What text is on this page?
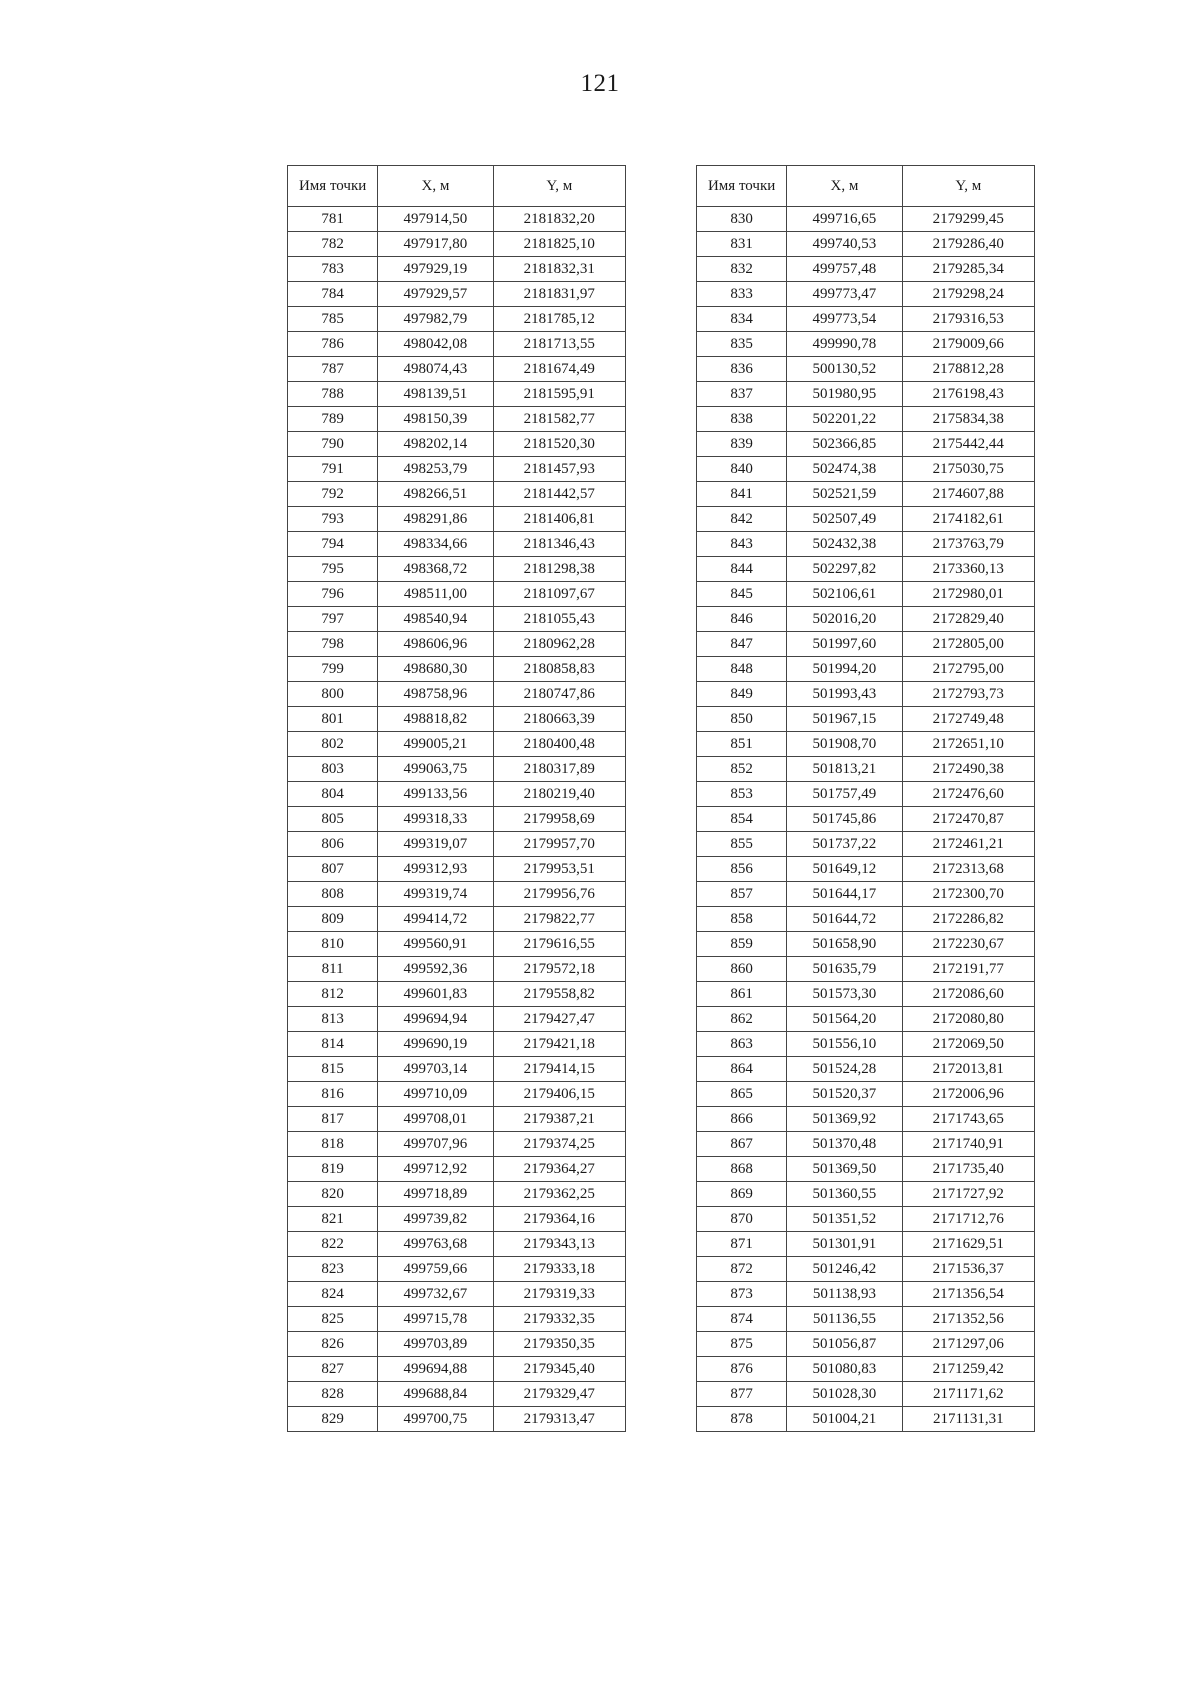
121
Имя точки	X, м	Y, м
781	497914,50	2181832,20
782	497917,80	2181825,10
783	497929,19	2181832,31
784	497929,57	2181831,97
785	497982,79	2181785,12
786	498042,08	2181713,55
787	498074,43	2181674,49
788	498139,51	2181595,91
789	498150,39	2181582,77
790	498202,14	2181520,30
791	498253,79	2181457,93
792	498266,51	2181442,57
793	498291,86	2181406,81
794	498334,66	2181346,43
795	498368,72	2181298,38
796	498511,00	2181097,67
797	498540,94	2181055,43
798	498606,96	2180962,28
799	498680,30	2180858,83
800	498758,96	2180747,86
801	498818,82	2180663,39
802	499005,21	2180400,48
803	499063,75	2180317,89
804	499133,56	2180219,40
805	499318,33	2179958,69
806	499319,07	2179957,70
807	499312,93	2179953,51
808	499319,74	2179956,76
809	499414,72	2179822,77
810	499560,91	2179616,55
811	499592,36	2179572,18
812	499601,83	2179558,82
813	499694,94	2179427,47
814	499690,19	2179421,18
815	499703,14	2179414,15
816	499710,09	2179406,15
817	499708,01	2179387,21
818	499707,96	2179374,25
819	499712,92	2179364,27
820	499718,89	2179362,25
821	499739,82	2179364,16
822	499763,68	2179343,13
823	499759,66	2179333,18
824	499732,67	2179319,33
825	499715,78	2179332,35
826	499703,89	2179350,35
827	499694,88	2179345,40
828	499688,84	2179329,47
829	499700,75	2179313,47
Имя точки	X, м	Y, м
830	499716,65	2179299,45
831	499740,53	2179286,40
832	499757,48	2179285,34
833	499773,47	2179298,24
834	499773,54	2179316,53
835	499990,78	2179009,66
836	500130,52	2178812,28
837	501980,95	2176198,43
838	502201,22	2175834,38
839	502366,85	2175442,44
840	502474,38	2175030,75
841	502521,59	2174607,88
842	502507,49	2174182,61
843	502432,38	2173763,79
844	502297,82	2173360,13
845	502106,61	2172980,01
846	502016,20	2172829,40
847	501997,60	2172805,00
848	501994,20	2172795,00
849	501993,43	2172793,73
850	501967,15	2172749,48
851	501908,70	2172651,10
852	501813,21	2172490,38
853	501757,49	2172476,60
854	501745,86	2172470,87
855	501737,22	2172461,21
856	501649,12	2172313,68
857	501644,17	2172300,70
858	501644,72	2172286,82
859	501658,90	2172230,67
860	501635,79	2172191,77
861	501573,30	2172086,60
862	501564,20	2172080,80
863	501556,10	2172069,50
864	501524,28	2172013,81
865	501520,37	2172006,96
866	501369,92	2171743,65
867	501370,48	2171740,91
868	501369,50	2171735,40
869	501360,55	2171727,92
870	501351,52	2171712,76
871	501301,91	2171629,51
872	501246,42	2171536,37
873	501138,93	2171356,54
874	501136,55	2171352,56
875	501056,87	2171297,06
876	501080,83	2171259,42
877	501028,30	2171171,62
878	501004,21	2171131,31
